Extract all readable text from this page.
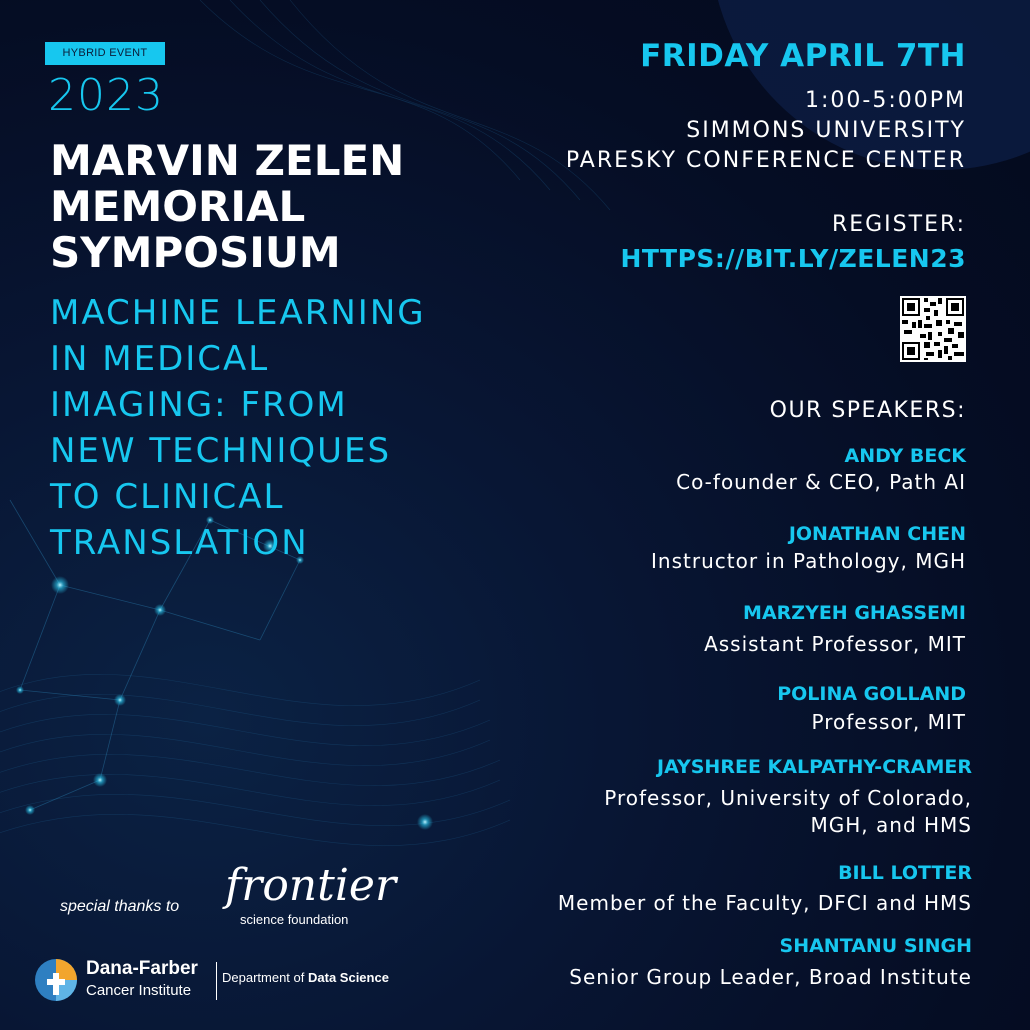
HYBRID EVENT
2023
MARVIN ZELEN
MEMORIAL
SYMPOSIUM
MACHINE LEARNING
IN MEDICAL
IMAGING: FROM
NEW TECHNIQUES
TO CLINICAL
TRANSLATION
FRIDAY APRIL 7TH
1:00-5:00PM
SIMMONS UNIVERSITY
PARESKY CONFERENCE CENTER
REGISTER:
HTTPS://BIT.LY/ZELEN23
OUR SPEAKERS:
ANDY BECK
Co-founder & CEO, Path AI
JONATHAN CHEN
Instructor in Pathology, MGH
MARZYEH GHASSEMI
Assistant Professor, MIT
POLINA GOLLAND
Professor, MIT
JAYSHREE KALPATHY-CRAMER
Professor, University of Colorado,
MGH, and HMS
BILL LOTTER
Member of the Faculty, DFCI and HMS
SHANTANU SINGH
Senior Group Leader, Broad Institute
special thanks to frontier
science foundation
Dana-Farber
Cancer Institute
Department of Data Science
